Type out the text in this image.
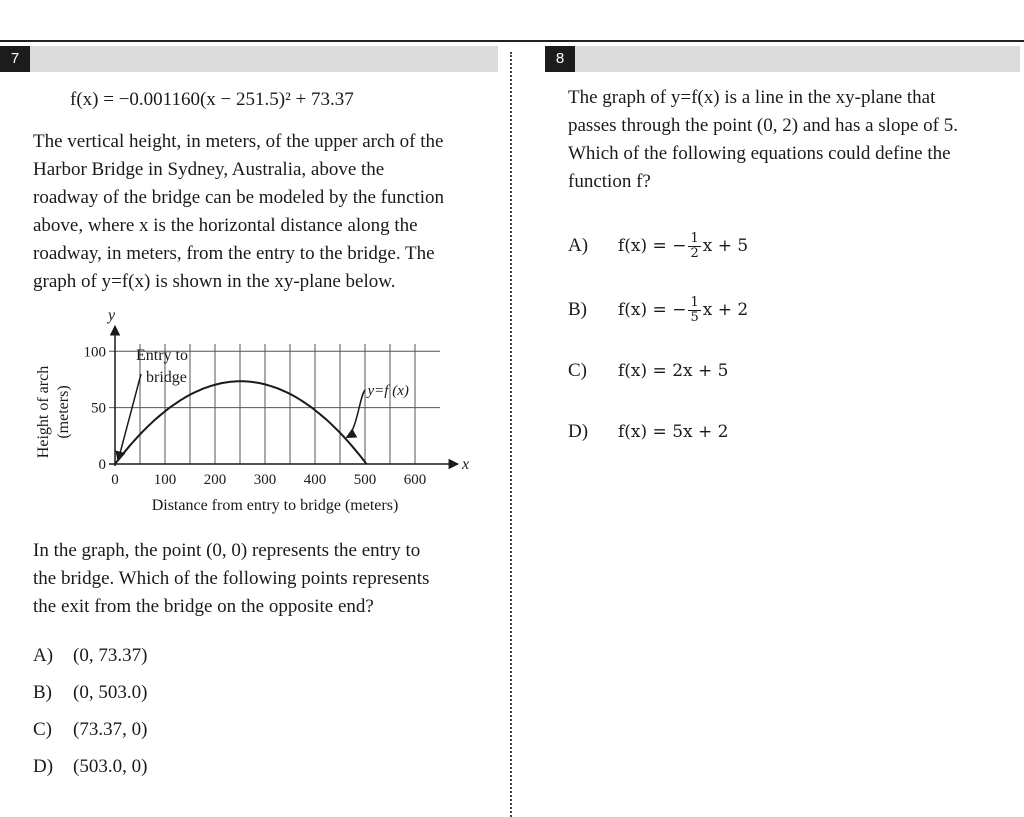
7	8
f(x) = −0.001160(x − 251.5)² + 73.37

The vertical height, in meters, of the upper arch of the

Harbor Bridge in Sydney, Australia, above the

roadway of the bridge can be modeled by the function

above, where x is the horizontal distance along the

roadway, in meters, from the entry to the bridge. The

graph of y=f(x) is shown in the xy-plane below.

0 100 200 300 400 500 600
0
50
100 Entry to
bridge
y=f (x)
x
y
Distance from entry to bridge (meters)
Height of arch (meters)

In the graph, the point (0, 0) represents the entry to

the bridge. Which of the following points represents

the exit from the bridge on the opposite end?

A) (0, 73.37)
B) (0, 503.0)
C) (73.37, 0)
D) (503.0, 0)

The graph of y=f(x) is a line in the xy-plane that

passes through the point (0, 2) and has a slope of 5.

Which of the following equations could define the

function f?

A)	f(x) = − $\frac{1}{2}$ x + 5
B)	f(x) = − $\frac{1}{5}$ x + 2
C)	f(x) = 2x + 5
D)	f(x) = 5x + 2
